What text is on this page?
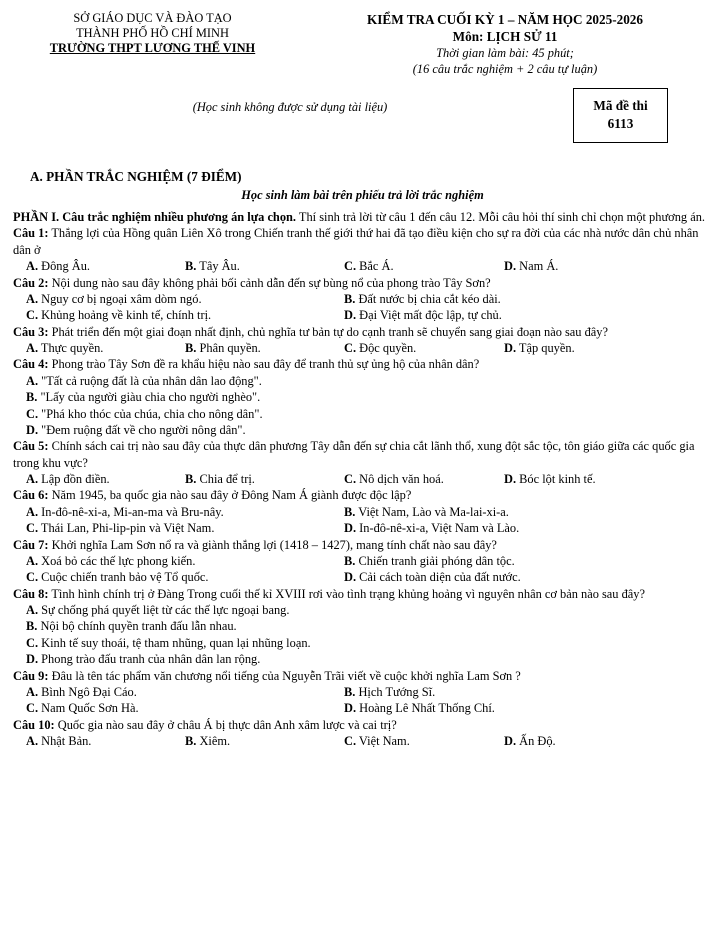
SỞ GIÁO DỤC VÀ ĐÀO TẠO
THÀNH PHỐ HỒ CHÍ MINH
TRƯỜNG THPT LƯƠNG THẾ VINH
KIỂM TRA CUỐI KỲ 1 – NĂM HỌC 2025-2026
Môn: LỊCH SỬ 11
Thời gian làm bài: 45 phút;
(16 câu trắc nghiệm + 2 câu tự luận)
(Học sinh không được sử dụng tài liệu)	Mã đề thi
6113
A. PHẦN TRẮC NGHIỆM (7 ĐIỂM)
Học sinh làm bài trên phiếu trả lời trắc nghiệm

PHẦN I. Câu trắc nghiệm nhiều phương án lựa chọn. Thí sinh trả lời từ câu 1 đến câu 12. Mỗi câu hỏi thí sinh chỉ chọn một phương án.

Câu 1: Thắng lợi của Hồng quân Liên Xô trong Chiến tranh thế giới thứ hai đã tạo điều kiện cho sự ra đời của các nhà nước dân chủ nhân dân ở

A. Đông Âu.	B. Tây Âu.	C. Bắc Á.	D. Nam Á.

Câu 2: Nội dung nào sau đây không phải bối cảnh dẫn đến sự bùng nổ của phong trào Tây Sơn?

A. Nguy cơ bị ngoại xâm dòm ngó.	B. Đất nước bị chia cắt kéo dài.
C. Khủng hoảng về kinh tế, chính trị.	D. Đại Việt mất độc lập, tự chủ.

Câu 3: Phát triển đến một giai đoạn nhất định, chủ nghĩa tư bản tự do cạnh tranh sẽ chuyển sang giai đoạn nào sau đây?

A. Thực quyền.	B. Phân quyền.	C. Độc quyền.	D. Tập quyền.

Câu 4: Phong trào Tây Sơn đề ra khẩu hiệu nào sau đây để tranh thủ sự ủng hộ của nhân dân?

A. "Tất cả ruộng đất là của nhân dân lao động".
B. "Lấy của người giàu chia cho người nghèo".
C. "Phá kho thóc của chúa, chia cho nông dân".
D. "Đem ruộng đất về cho người nông dân".

Câu 5: Chính sách cai trị nào sau đây của thực dân phương Tây dẫn đến sự chia cắt lãnh thổ, xung đột sắc tộc, tôn giáo giữa các quốc gia trong khu vực?

A. Lập đồn điền.	B. Chia để trị.	C. Nô dịch văn hoá.	D. Bóc lột kinh tế.

Câu 6: Năm 1945, ba quốc gia nào sau đây ở Đông Nam Á giành được độc lập?

A. In-đô-nê-xi-a, Mi-an-ma và Bru-nây.	B. Việt Nam, Lào và Ma-lai-xi-a.
C. Thái Lan, Phi-lip-pin và Việt Nam.	D. In-đô-nê-xi-a, Việt Nam và Lào.

Câu 7: Khởi nghĩa Lam Sơn nổ ra và giành thắng lợi (1418 – 1427), mang tính chất nào sau đây?

A. Xoá bỏ các thế lực phong kiến.	B. Chiến tranh giải phóng dân tộc.
C. Cuộc chiến tranh bảo vệ Tổ quốc.	D. Cải cách toàn diện của đất nước.

Câu 8: Tình hình chính trị ở Đàng Trong cuối thế kỉ XVIII rơi vào tình trạng khủng hoảng vì nguyên nhân cơ bản nào sau đây?

A. Sự chống phá quyết liệt từ các thế lực ngoại bang.
B. Nội bộ chính quyền tranh đấu lẫn nhau.
C. Kinh tế suy thoái, tệ tham nhũng, quan lại nhũng loạn.
D. Phong trào đấu tranh của nhân dân lan rộng.

Câu 9: Đâu là tên tác phẩm văn chương nổi tiếng của Nguyễn Trãi viết về cuộc khởi nghĩa Lam Sơn ?

A. Bình Ngô Đại Cáo.	B. Hịch Tướng Sĩ.
C. Nam Quốc Sơn Hà.	D. Hoàng Lê Nhất Thống Chí.

Câu 10: Quốc gia nào sau đây ở châu Á bị thực dân Anh xâm lược và cai trị?

A. Nhật Bản.	B. Xiêm.	C. Việt Nam.	D. Ấn Độ.
